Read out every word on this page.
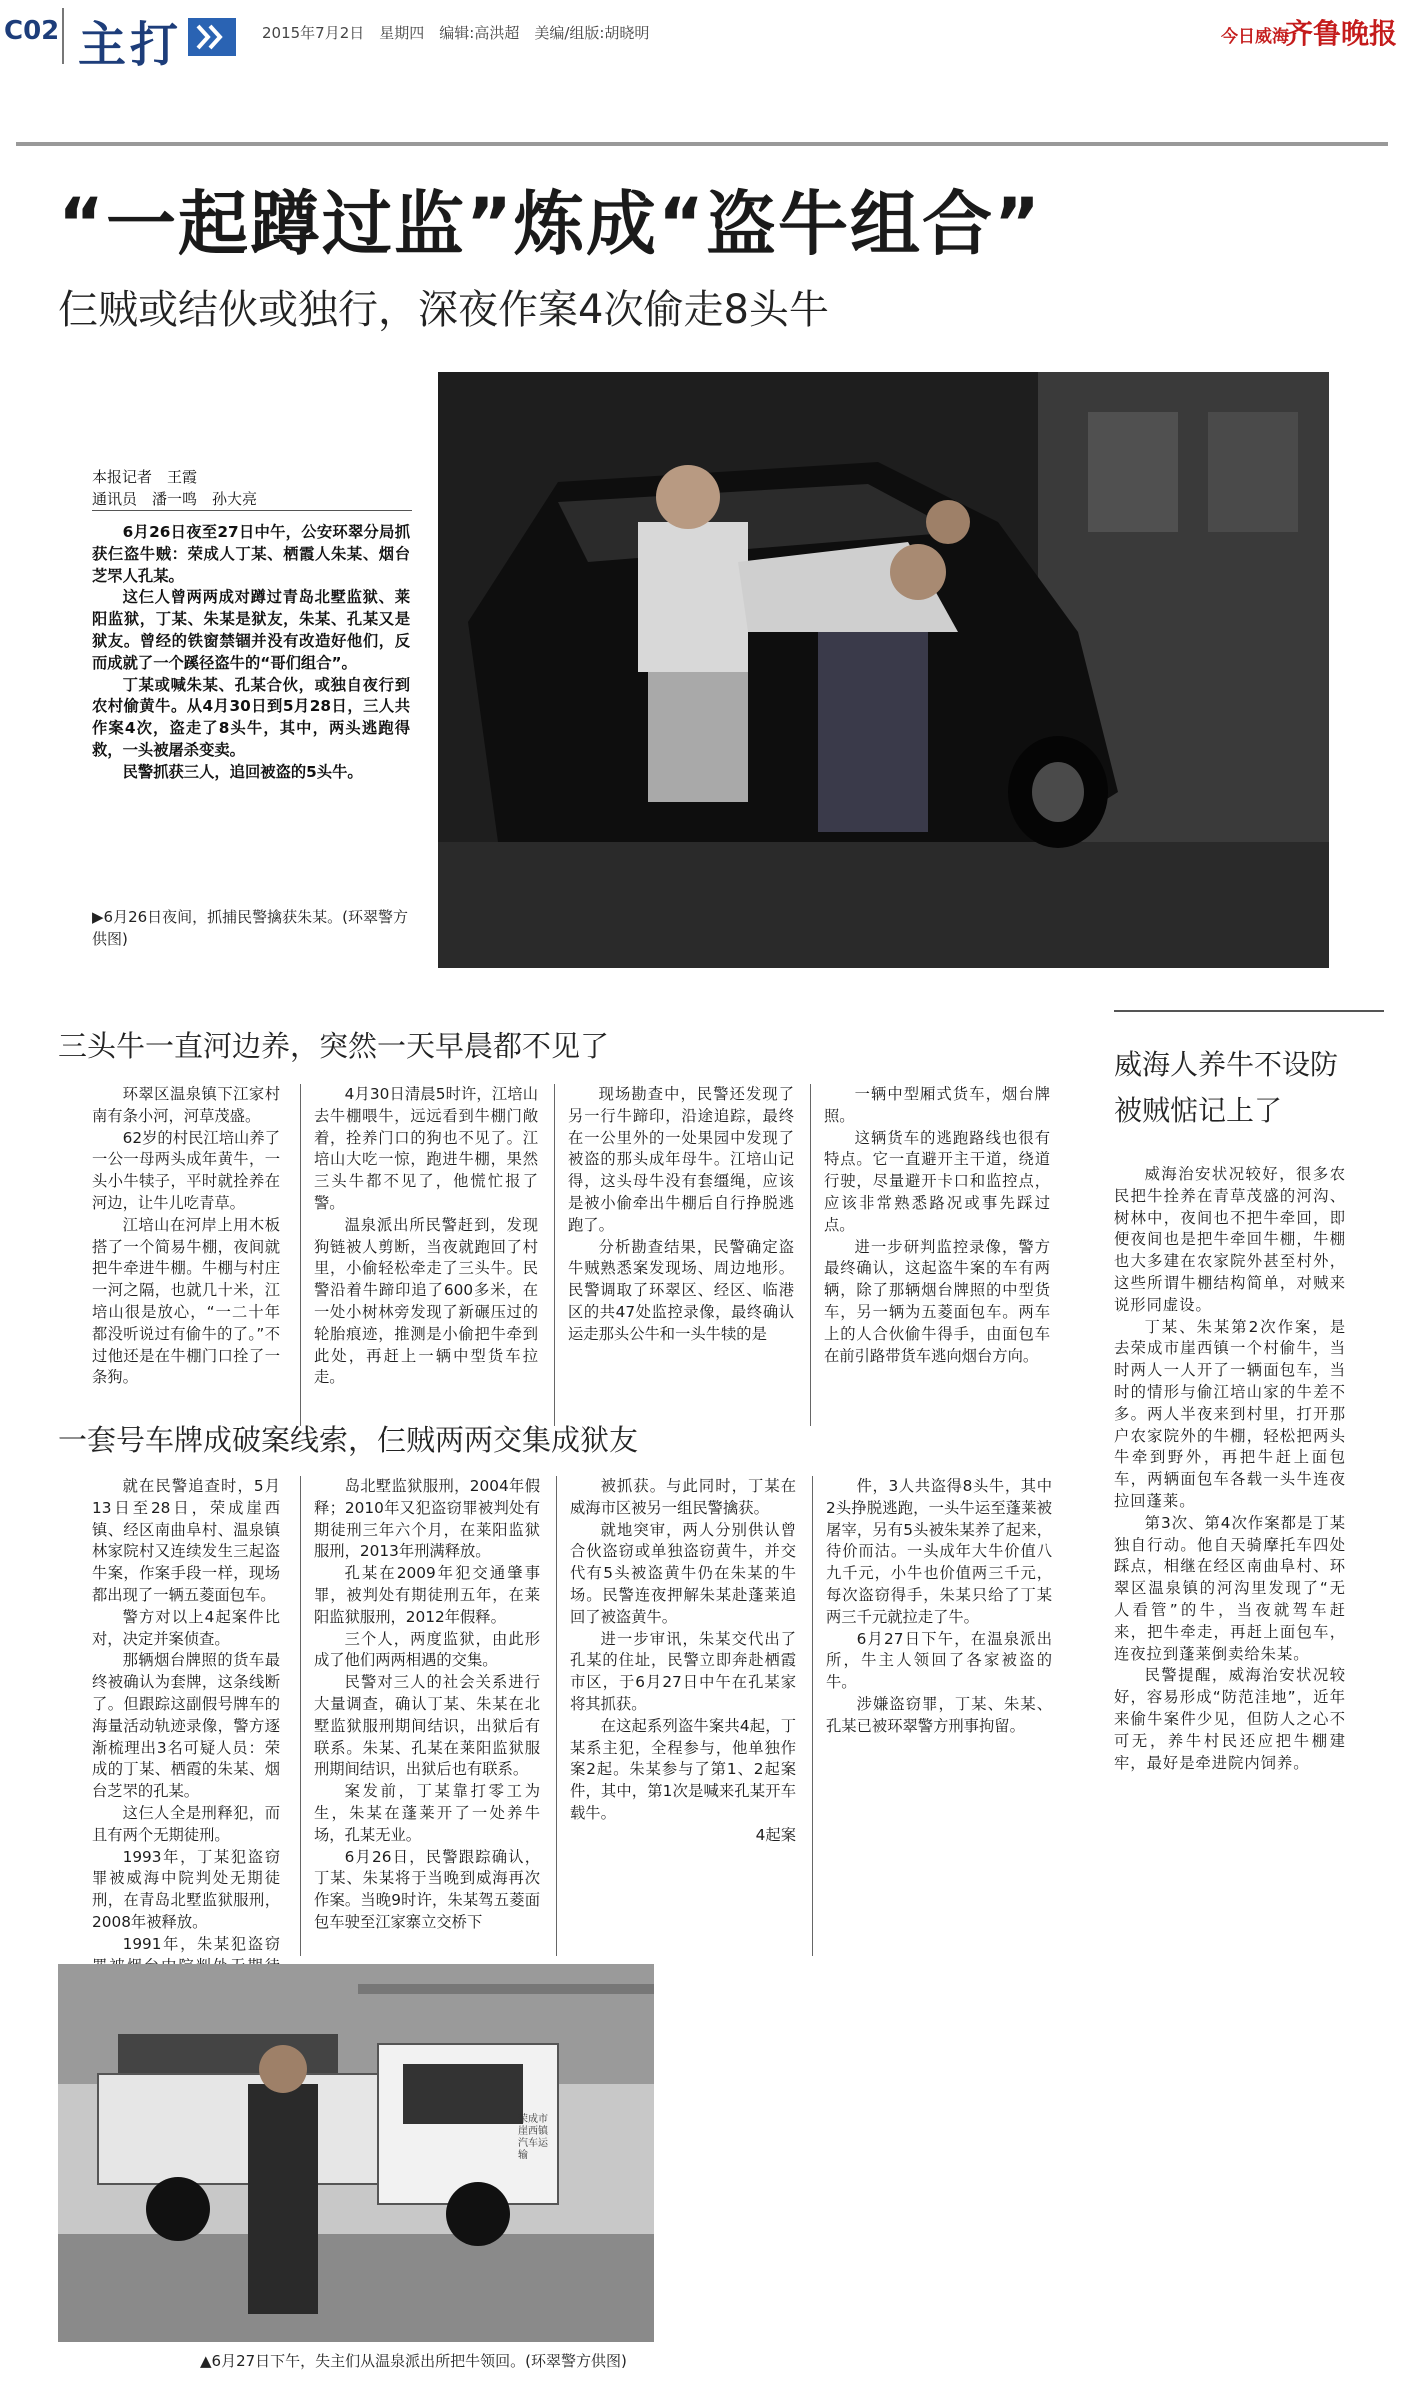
C02 主打	2015年7月2日　星期四　编辑:高洪超　美编/组版:胡晓明	今日威海
齐鲁晚报
“一起蹲过监”炼成“盗牛组合”
仨贼或结伙或独行，深夜作案4次偷走8头牛
本报记者　王霞
通讯员　潘一鸣　孙大亮

6月26日夜至27日中午，公安环翠分局抓获仨盗牛贼：荣成人丁某、栖霞人朱某、烟台芝罘人孔某。

这仨人曾两两成对蹲过青岛北墅监狱、莱阳监狱，丁某、朱某是狱友，朱某、孔某又是狱友。曾经的铁窗禁锢并没有改造好他们，反而成就了一个蹊径盗牛的“哥们组合”。

丁某或喊朱某、孔某合伙，或独自夜行到农村偷黄牛。从4月30日到5月28日，三人共作案4次，盗走了8头牛，其中，两头逃跑得救，一头被屠杀变卖。

民警抓获三人，追回被盗的5头牛。

▶6月26日夜间，抓捕民警擒获朱某。(环翠警方供图)
三头牛一直河边养，突然一天早晨都不见了

环翠区温泉镇下江家村南有条小河，河草茂盛。

62岁的村民江培山养了一公一母两头成年黄牛，一头小牛犊子，平时就拴养在河边，让牛儿吃青草。

江培山在河岸上用木板搭了一个简易牛棚，夜间就把牛牵进牛棚。牛棚与村庄一河之隔，也就几十米，江培山很是放心，“一二十年都没听说过有偷牛的了。”不过他还是在牛棚门口拴了一条狗。

4月30日清晨5时许，江培山去牛棚喂牛，远远看到牛棚门敞着，拴养门口的狗也不见了。江培山大吃一惊，跑进牛棚，果然三头牛都不见了，他慌忙报了警。

温泉派出所民警赶到，发现狗链被人剪断，当夜就跑回了村里，小偷轻松牵走了三头牛。民警沿着牛蹄印追了600多米，在一处小树林旁发现了新碾压过的轮胎痕迹，推测是小偷把牛牵到此处，再赶上一辆中型货车拉走。

现场勘查中，民警还发现了另一行牛蹄印，沿途追踪，最终在一公里外的一处果园中发现了被盗的那头成年母牛。江培山记得，这头母牛没有套缰绳，应该是被小偷牵出牛棚后自行挣脱逃跑了。

分析勘查结果，民警确定盗牛贼熟悉案发现场、周边地形。民警调取了环翠区、经区、临港区的共47处监控录像，最终确认运走那头公牛和一头牛犊的是

一辆中型厢式货车，烟台牌照。

这辆货车的逃跑路线也很有特点。它一直避开主干道，绕道行驶，尽量避开卡口和监控点，应该非常熟悉路况或事先踩过点。

进一步研判监控录像，警方最终确认，这起盗牛案的车有两辆，除了那辆烟台牌照的中型货车，另一辆为五菱面包车。两车上的人合伙偷牛得手，由面包车在前引路带货车逃向烟台方向。

一套号车牌成破案线索，仨贼两两交集成狱友

就在民警追查时，5月13日至28日，荣成崖西镇、经区南曲阜村、温泉镇林家院村又连续发生三起盗牛案，作案手段一样，现场都出现了一辆五菱面包车。

警方对以上4起案件比对，决定并案侦查。

那辆烟台牌照的货车最终被确认为套牌，这条线断了。但跟踪这副假号牌车的海量活动轨迹录像，警方逐渐梳理出3名可疑人员：荣成的丁某、栖霞的朱某、烟台芝罘的孔某。

这仨人全是刑释犯，而且有两个无期徒刑。

1993年，丁某犯盗窃罪被威海中院判处无期徒刑，在青岛北墅监狱服刑，2008年被释放。

1991年，朱某犯盗窃

岛北墅监狱服刑，2004年假释；2010年又犯盗窃罪被判处有期徒刑三年六个月，在莱阳监狱服刑，2013年刑满释放。

孔某在2009年犯交通肇事罪，被判处有期徒刑五年，在莱阳监狱服刑，2012年假释。

三个人，两度监狱，由此形成了他们两两相遇的交集。

民警对三人的社会关系进行大量调查，确认丁某、朱某在北墅监狱服刑期间结识，出狱后有联系。朱某、孔某在莱阳监狱服刑期间结识，出狱后也有联系。

案发前，丁某靠打零工为生，朱某在蓬莱开了一处养牛场，孔某无业。

6月26日，民警跟踪确认，丁某、朱某将于当晚到威海再次作案。当晚9时许，朱某驾五菱面包车驶至江家寨立交桥下

被抓获。与此同时，丁某在威海市区被另一组民警擒获。

就地突审，两人分别供认曾合伙盗窃或单独盗窃黄牛，并交代有5头被盗黄牛仍在朱某的牛场。民警连夜押解朱某赴蓬莱追回了被盗黄牛。

进一步审讯，朱某交代出了孔某的住址，民警立即奔赴栖霞市区，于6月27日中午在孔某家将其抓获。

在这起系列盗牛案共4起，丁某系主犯，全程参与，他单独作案2起。朱某参与了第1、2起案件，其中，第1次是喊来孔某开车载牛。

4起案

件，3人共盗得8头牛，其中2头挣脱逃跑，一头牛运至蓬莱被屠宰，另有5头被朱某养了起来，待价而沽。一头成年大牛价值八九千元，小牛也价值两三千元，每次盗窃得手，朱某只给了丁某两三千元就拉走了牛。

6月27日下午，在温泉派出所，牛主人领回了各家被盗的牛。

涉嫌盗窃罪，丁某、朱某、孔某已被环翠警方刑事拘留。

荣成市崖西镇汽车运输
▲6月27日下午，失主们从温泉派出所把牛领回。(环翠警方供图)
威海人养牛不设防被贼惦记上了

威海治安状况较好，很多农民把牛拴养在青草茂盛的河沟、树林中，夜间也不把牛牵回，即便夜间也是把牛牵回牛棚，牛棚也大多建在农家院外甚至村外，这些所谓牛棚结构简单，对贼来说形同虚设。

丁某、朱某第2次作案，是去荣成市崖西镇一个村偷牛，当时两人一人开了一辆面包车，当时的情形与偷江培山家的牛差不多。两人半夜来到村里，打开那户农家院外的牛棚，轻松把两头牛牵到野外，再把牛赶上面包车，两辆面包车各载一头牛连夜拉回蓬莱。

第3次、第4次作案都是丁某独自行动。他自天骑摩托车四处踩点，相继在经区南曲阜村、环翠区温泉镇的河沟里发现了“无人看管”的牛，当夜就驾车赶来，把牛牵走，再赶上面包车，连夜拉到蓬莱倒卖给朱某。

民警提醒，威海治安状况较好，容易形成“防范洼地”，近年来偷牛案件少见，但防人之心不可无，养牛村民还应把牛棚建牢，最好是牵进院内饲养。
